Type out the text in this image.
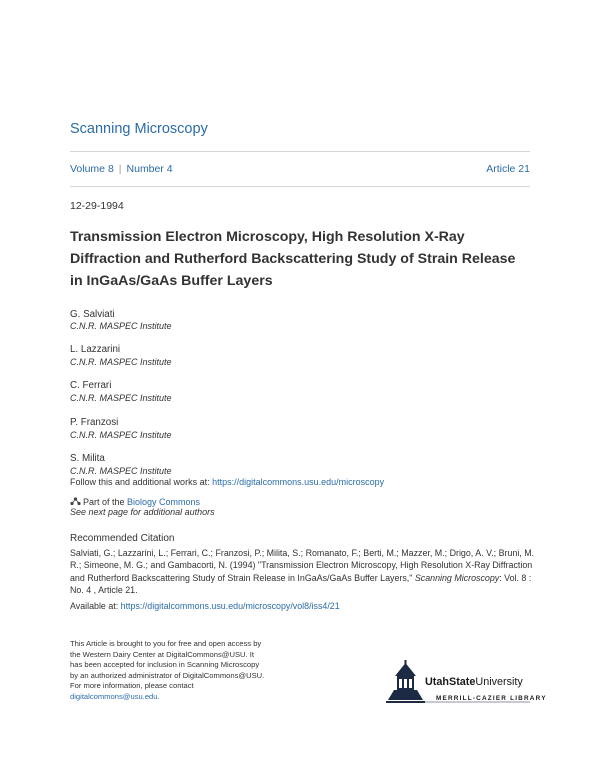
Scanning Microscopy
Volume 8 | Number 4	Article 21
12-29-1994
Transmission Electron Microscopy, High Resolution X-Ray
Diffraction and Rutherford Backscattering Study of Strain Release
in InGaAs/GaAs Buffer Layers
G. Salviati
C.N.R. MASPEC Institute
L. Lazzarini
C.N.R. MASPEC Institute
C. Ferrari
C.N.R. MASPEC Institute
P. Franzosi
C.N.R. MASPEC Institute
S. Milita
C.N.R. MASPEC Institute
Follow this and additional works at: https://digitalcommons.usu.edu/microscopy
Part of the Biology Commons
See next page for additional authors
Recommended Citation
Salviati, G.; Lazzarini, L.; Ferrari, C.; Franzosi, P.; Milita, S.; Romanato, F.; Berti, M.; Mazzer, M.; Drigo, A. V.; Bruni, M. R.; Simeone, M. G.; and Gambacorti, N. (1994) "Transmission Electron Microscopy, High Resolution X-Ray Diffraction and Rutherford Backscattering Study of Strain Release in InGaAs/GaAs Buffer Layers," Scanning Microscopy: Vol. 8 : No. 4 , Article 21.
Available at: https://digitalcommons.usu.edu/microscopy/vol8/iss4/21
This Article is brought to you for free and open access by
the Western Dairy Center at DigitalCommons@USU. It
has been accepted for inclusion in Scanning Microscopy
by an authorized administrator of DigitalCommons@USU.
For more information, please contact
digitalcommons@usu.edu.
UtahStateUniversity
MERRILL-CAZIER LIBRARY
